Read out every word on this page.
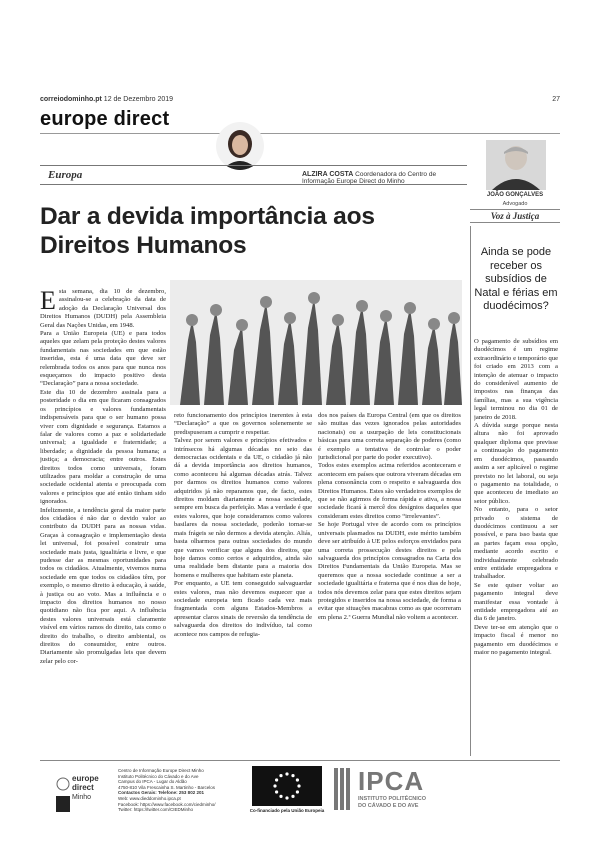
correiodominho.pt 12 de Dezembro 2019	27
europe direct
Europa	ALZIRA COSTA Coordenadora do Centro de Informação Europe Direct do Minho
JOÃO GONÇALVES
Advogado
Voz à Justiça
Dar a devida importância aos Direitos Humanos

Esta semana, dia 10 de dezembro, assinalou-se a celebração da data de adoção da Declaração Universal dos Direitos Humanos (DUDH) pela Assembleia Geral das Nações Unidas, em 1948.

Para a União Europeia (UE) e para todos aqueles que zelam pela proteção destes valores fundamentais nas sociedades em que estão inseridas, esta é uma data que deve ser relembrada todos os anos para que nunca nos esqueçamos do impacto positivo desta “Declaração” para a nossa sociedade.

Este dia 10 de dezembro assinala para a posteridade o dia em que ficaram consagrados os princípios e valores fundamentais indispensáveis para que o ser humano possa viver com dignidade e segurança. Estamos a falar de valores como a paz e solidariedade universal; a igualdade e fraternidade; a liberdade; a dignidade da pessoa humana; a justiça; a democracia; entre outros. Estes direitos todos como universais, foram utilizados para moldar a construção de uma sociedade ocidental atenta e preocupada com valores e princípios que até então tinham sido ignorados.

Infelizmente, a tendência geral da maior parte dos cidadãos é não dar o devido valor ao contributo da DUDH para as nossas vidas. Graças à consagração e implementação desta lei universal, foi possível construir uma sociedade mais justa, igualitária e livre, e que pudesse dar as mesmas oportunidades para todos os cidadãos. Atualmente, vivemos numa sociedade em que todos os cidadãos têm, por exemplo, o mesmo direito à educação, à saúde, à justiça ou ao voto. Mas a influência e o impacto dos direitos humanos no nosso quotidiano não fica por aqui. A influência destes valores universais está claramente visível em vários ramos do direito, tais como o direito do trabalho, o direito ambiental, os direitos do consumidor, entre outros. Diariamente são promulgadas leis que devem zelar pelo cor-

reto funcionamento dos princípios inerentes à esta “Declaração” a que os governos solenemente se predispuseram a cumprir e respeitar.

Talvez por serem valores e princípios efetivados e intrínsecos há algumas décadas no seio das democracias ocidentais e da UE, o cidadão já não dá a devida importância aos direitos humanos, como aconteceu há algumas décadas atrás. Talvez por darmos os direitos humanos como valores adquiridos já não reparamos que, de facto, estes direitos moldam diariamente a nossa sociedade, sempre em busca da perfeição. Mas a verdade é que estes valores, que hoje consideramos como valores basilares da nossa sociedade, poderão tornar-se mais frágeis se não dermos a devida atenção. Aliás, basta olharmos para outras sociedades do mundo que vamos verificar que alguns dos direitos, que hoje damos como certos e adquiridos, ainda são uma realidade bem distante para a maioria dos homens e mulheres que habitam este planeta.

Por enquanto, a UE tem conseguido salvaguardar estes valores, mas não devemos esquecer que a sociedade europeia tem ficado cada vez mais fragmentada com alguns Estados-Membros a apresentar claros sinais de reversão da tendência de salvaguarda dos direitos do indivíduo, tal como acontece nos campos de refugia-

dos nos países da Europa Central (em que os direitos são muitas das vezes ignorados pelas autoridades nacionais) ou a usurpação de leis constitucionais básicas para uma correta separação de poderes (como é exemplo a tentativa de controlar o poder jurisdicional por parte do poder executivo).

Todos estes exemplos acima referidos aconteceram e acontecem em países que outrora viveram décadas em plena consonância com o respeito e salvaguarda dos Direitos Humanos. Estes são verdadeiros exemplos de que se não agirmos de forma rápida e ativa, a nossa sociedade ficará à mercê dos desígnios daqueles que consideram estes direitos como “irrelevantes”.

Se hoje Portugal vive de acordo com os princípios universais plasmados na DUDH, este mérito também deve ser atribuído à UE pelos esforços envidados para uma correta prossecução destes direitos e pela salvaguarda dos princípios consagrados na Carta dos Direitos Fundamentais da União Europeia. Mas se queremos que a nossa sociedade continue a ser a sociedade igualitária e fraterna que é nos dias de hoje, todos nós devemos zelar para que estes direitos sejam protegidos e inseridos na nossa sociedade, de forma a evitar que situações macabras como as que ocorreram em plena 2.ª Guerra Mundial não voltem a acontecer.

Ainda se pode receber os subsídios de Natal e férias em duodécimos?

O pagamento de subsídios em duodécimos é um regime extraordinário e temporário que foi criado em 2013 com a intenção de atenuar o impacto do considerável aumento de impostos nas finanças das famílias, mas a sua vigência legal terminou no dia 01 de janeiro de 2018.

A dúvida surge porque nesta altura não foi aprovado qualquer diploma que previsse a continuação do pagamento em duodécimos, passando assim a ser aplicável o regime previsto no lei laboral, ou seja o pagamento na totalidade, o que aconteceu de imediato ao setor público.

No entanto, para o setor privado o sistema de duodécimos continuou a ser possível, e para isso basta que as partes façam essa opção, mediante acordo escrito e individualmente celebrado entre entidade empregadora e trabalhador.

Se este quiser voltar ao pagamento integral deve manifestar essa vontade à entidade empregadora até ao dia 6 de janeiro.

Deve ter-se em atenção que o impacto fiscal é menor no pagamento em duodécimos e maior no pagamento integral.

europe
direct
Minho
Centro de Informação Europe Direct Minho
Instituto Politécnico do Cávado e do Ave
Campus do IPCA - Lugar do Aldão
4750-810 Vila Frescainha S. Martinho - Barcelos
Contactos Gerais: Telefone: 253 802 201
Web: www.dieddominho.ipca.pt
Facebook: https://www.facebook.com/ciedminho/
Twitter: https://twitter.com/CIEDMinho	Co-financiado pela União Europeia
IPCA
INSTITUTO POLITÉCNICO
DO CÁVADO E DO AVE
